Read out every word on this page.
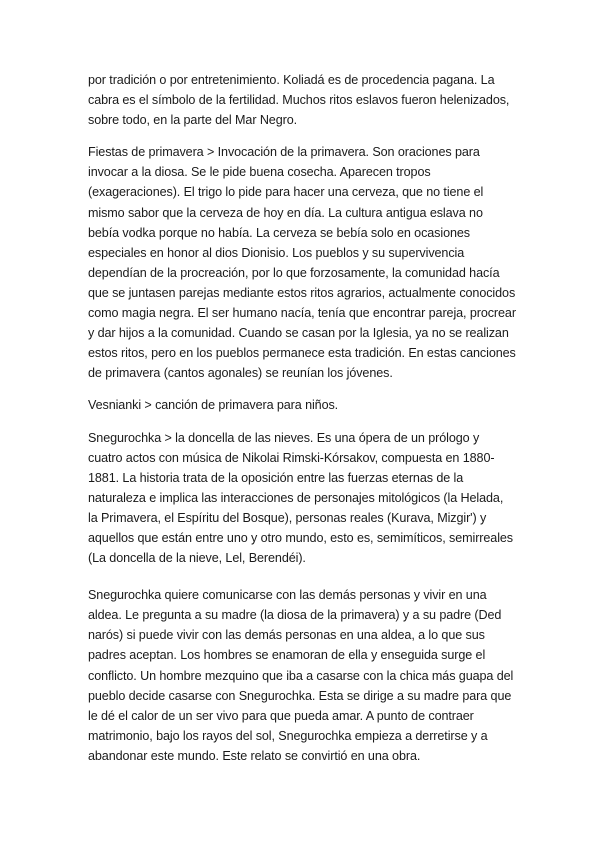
por tradición o por entretenimiento. Koliadá es de procedencia pagana. La cabra es el símbolo de la fertilidad. Muchos ritos eslavos fueron helenizados, sobre todo, en la parte del Mar Negro.

Fiestas de primavera > Invocación de la primavera. Son oraciones para invocar a la diosa. Se le pide buena cosecha. Aparecen tropos (exageraciones). El trigo lo pide para hacer una cerveza, que no tiene el mismo sabor que la cerveza de hoy en día. La cultura antigua eslava no bebía vodka porque no había. La cerveza se bebía solo en ocasiones especiales en honor al dios Dionisio. Los pueblos y su supervivencia dependían de la procreación, por lo que forzosamente, la comunidad hacía que se juntasen parejas mediante estos ritos agrarios, actualmente conocidos como magia negra. El ser humano nacía, tenía que encontrar pareja, procrear y dar hijos a la comunidad. Cuando se casan por la Iglesia, ya no se realizan estos ritos, pero en los pueblos permanece esta tradición. En estas canciones de primavera (cantos agonales) se reunían los jóvenes.

Vesnianki > canción de primavera para niños.

Snegurochka > la doncella de las nieves. Es una ópera de un prólogo y cuatro actos con música de Nikolai Rimski-Kórsakov, compuesta en 1880-1881. La historia trata de la oposición entre las fuerzas eternas de la naturaleza e implica las interacciones de personajes mitológicos (la Helada, la Primavera, el Espíritu del Bosque), personas reales (Kurava, Mizgir') y aquellos que están entre uno y otro mundo, esto es, semimíticos, semirreales (La doncella de la nieve, Lel, Berendéi).

Snegurochka quiere comunicarse con las demás personas y vivir en una aldea. Le pregunta a su madre (la diosa de la primavera) y a su padre (Ded narós) si puede vivir con las demás personas en una aldea, a lo que sus padres aceptan. Los hombres se enamoran de ella y enseguida surge el conflicto. Un hombre mezquino que iba a casarse con la chica más guapa del pueblo decide casarse con Snegurochka. Esta se dirige a su madre para que le dé el calor de un ser vivo para que pueda amar. A punto de contraer matrimonio, bajo los rayos del sol, Snegurochka empieza a derretirse y a abandonar este mundo. Este relato se convirtió en una obra.
